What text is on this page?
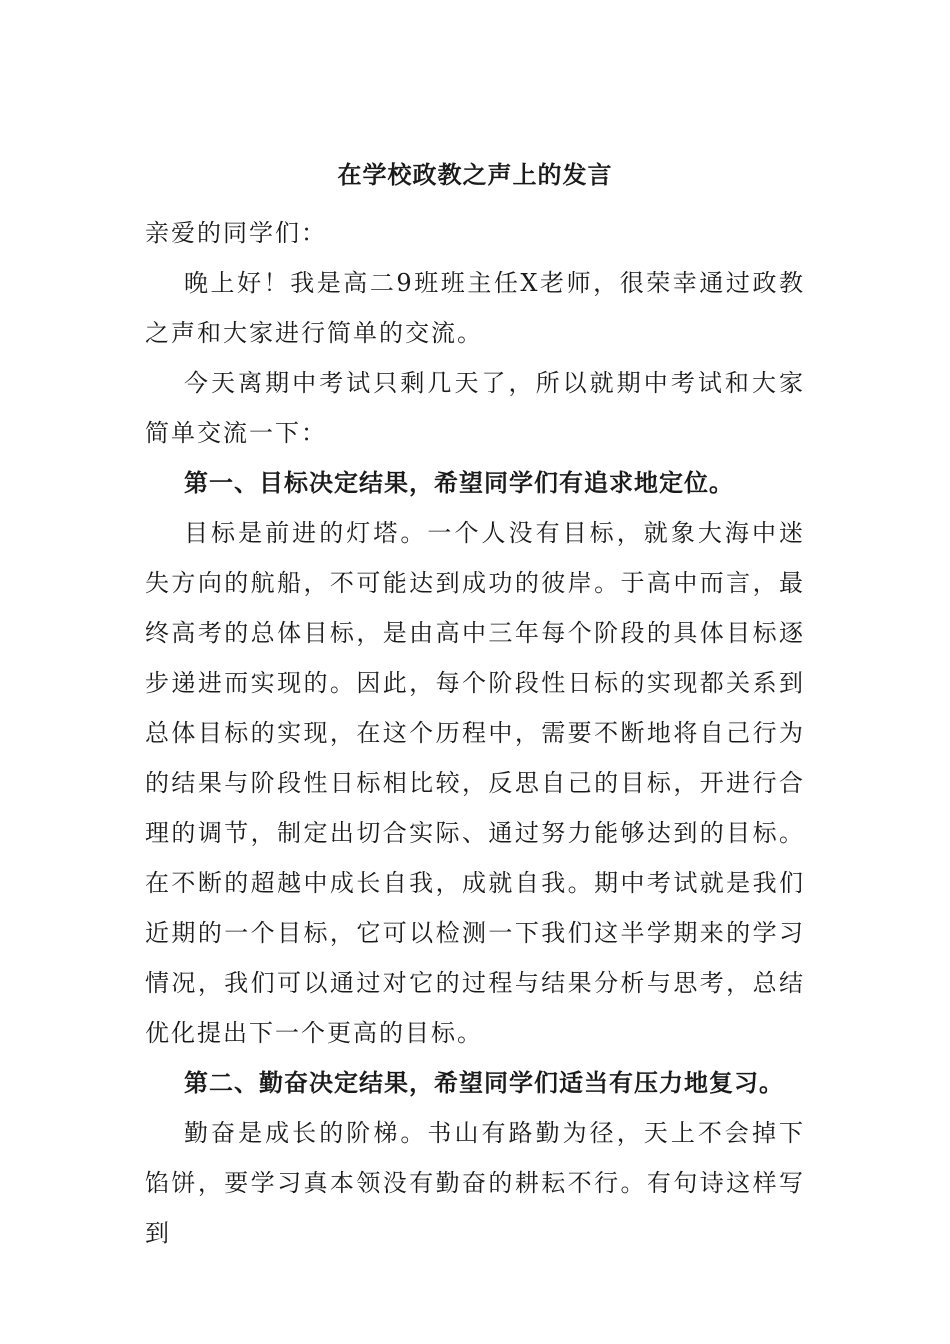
在学校政教之声上的发言

亲爱的同学们：

晚上好！我是高二9班班主任X老师，很荣幸通过政教之声和大家进行简单的交流。

今天离期中考试只剩几天了，所以就期中考试和大家简单交流一下：

第一、目标决定结果，希望同学们有追求地定位。

目标是前进的灯塔。一个人没有目标，就象大海中迷失方向的航船，不可能达到成功的彼岸。于高中而言，最终高考的总体目标，是由高中三年每个阶段的具体目标逐步递进而实现的。因此，每个阶段性日标的实现都关系到总体目标的实现，在这个历程中，需要不断地将自己行为的结果与阶段性日标相比较，反思自己的目标，开进行合理的调节，制定出切合实际、通过努力能够达到的目标。在不断的超越中成长自我，成就自我。期中考试就是我们近期的一个目标，它可以检测一下我们这半学期来的学习情况，我们可以通过对它的过程与结果分析与思考，总结优化提出下一个更高的目标。

第二、勤奋决定结果，希望同学们适当有压力地复习。

勤奋是成长的阶梯。书山有路勤为径，天上不会掉下馅饼，要学习真本领没有勤奋的耕耘不行。有句诗这样写到
